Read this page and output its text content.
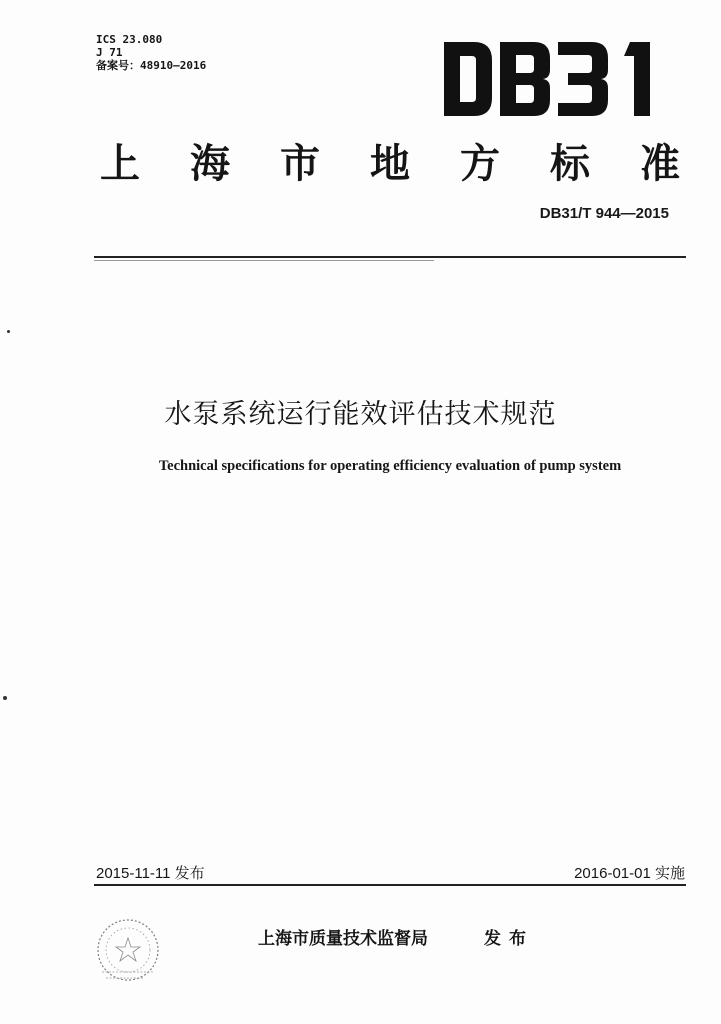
ICS 23.080
J 71
备案号：48910—2016
上 海 市 地 方 标 准
DB31/T 944—2015
水泵系统运行能效评估技术规范
Technical specifications for operating efficiency evaluation of pump system
2015-11-11 发布	2016-01-01 实施
上海市质量技术监督局	发布
